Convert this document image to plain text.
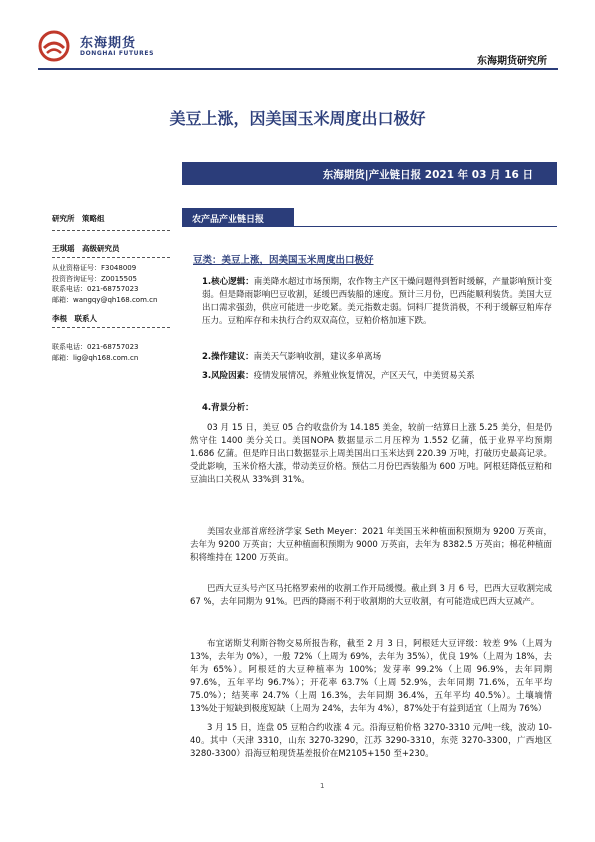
东海期货
DONGHAI FUTURES
东海期货研究所
美豆上涨，因美国玉米周度出口极好
东海期货|产业链日报 2021 年 03 月 16 日
研究所　策略组
王琪瑶　高级研究员
从业资格证号：F3048009
投资咨询证号：Z0015505
联系电话：021-68757023
邮箱：wangqy@qh168.com.cn
李根　联系人
联系电话：021-68757023
邮箱：lig@qh168.com.cn
农产品产业链日报
豆类：美豆上涨，因美国玉米周度出口极好
1.核心逻辑：南美降水超过市场预期，农作物主产区干燥问题得到暂时缓解，产量影响预计变弱。但是降雨影响巴豆收割，延缓巴西装船的速度。预计三月份，巴西能顺利装货。美国大豆出口需求强劲，供应可能进一步吃紧。美元指数走弱。饲料厂提货消极，不利于缓解豆粕库存压力。豆粕库存和未执行合约双双高位，豆粕价格加速下跌。
2.操作建议：南美天气影响收割，建议多单离场
3.风险因素：疫情发展情况，养殖业恢复情况，产区天气，中美贸易关系
4.背景分析：
03 月 15 日，美豆 05 合约收盘价为 14.185 美金，较前一结算日上涨 5.25 美分，但是仍然守住 1400 美分关口。美国NOPA 数据显示二月压榨为 1.552 亿蒲，低于业界平均预期 1.686 亿蒲。但是昨日出口数据显示上周美国出口玉米达到 220.39 万吨，打破历史最高记录。受此影响，玉米价格大涨，带动美豆价格。预估二月份巴西装船为 600 万吨。阿根廷降低豆粕和豆油出口关税从 33%到 31%。
美国农业部首席经济学家 Seth Meyer：2021 年美国玉米种植面积预期为 9200 万英亩，去年为 9200 万英亩；大豆种植面积预期为 9000 万英亩，去年为 8382.5 万英亩；棉花种植面积将维持在 1200 万英亩。
巴西大豆头号产区马托格罗索州的收割工作开局缓慢。截止到 3 月 6 号，巴西大豆收割完成 67 %，去年同期为 91%。巴西的降雨不利于收割期的大豆收割，有可能造成巴西大豆减产。
布宜诺斯艾利斯谷物交易所报告称，截至 2 月 3 日，阿根廷大豆评级：较差 9%（上周为 13%，去年为 0%），一般 72%（上周为 69%，去年为 35%），优良 19%（上周为 18%，去年为 65%）。阿根廷的大豆种植率为 100%；发芽率 99.2%（上周 96.9%，去年同期 97.6%，五年平均 96.7%）；开花率 63.7%（上周 52.9%，去年同期 71.6%，五年平均 75.0%）；结荚率 24.7%（上周 16.3%，去年同期 36.4%，五年平均 40.5%）。土壤墒情 13%处于短缺到极度短缺（上周为 24%，去年为 4%），87%处于有益到适宜（上周为 76%）
3 月 15 日，连盘 05 豆粕合约收涨 4 元。沿海豆粕价格 3270-3310 元/吨一线，波动 10-40。其中（天津 3310，山东 3270-3290，江苏 3290-3310，东莞 3270-3300，广西地区 3280-3300）沿海豆粕现货基差报价在M2105+150 至+230。
1
